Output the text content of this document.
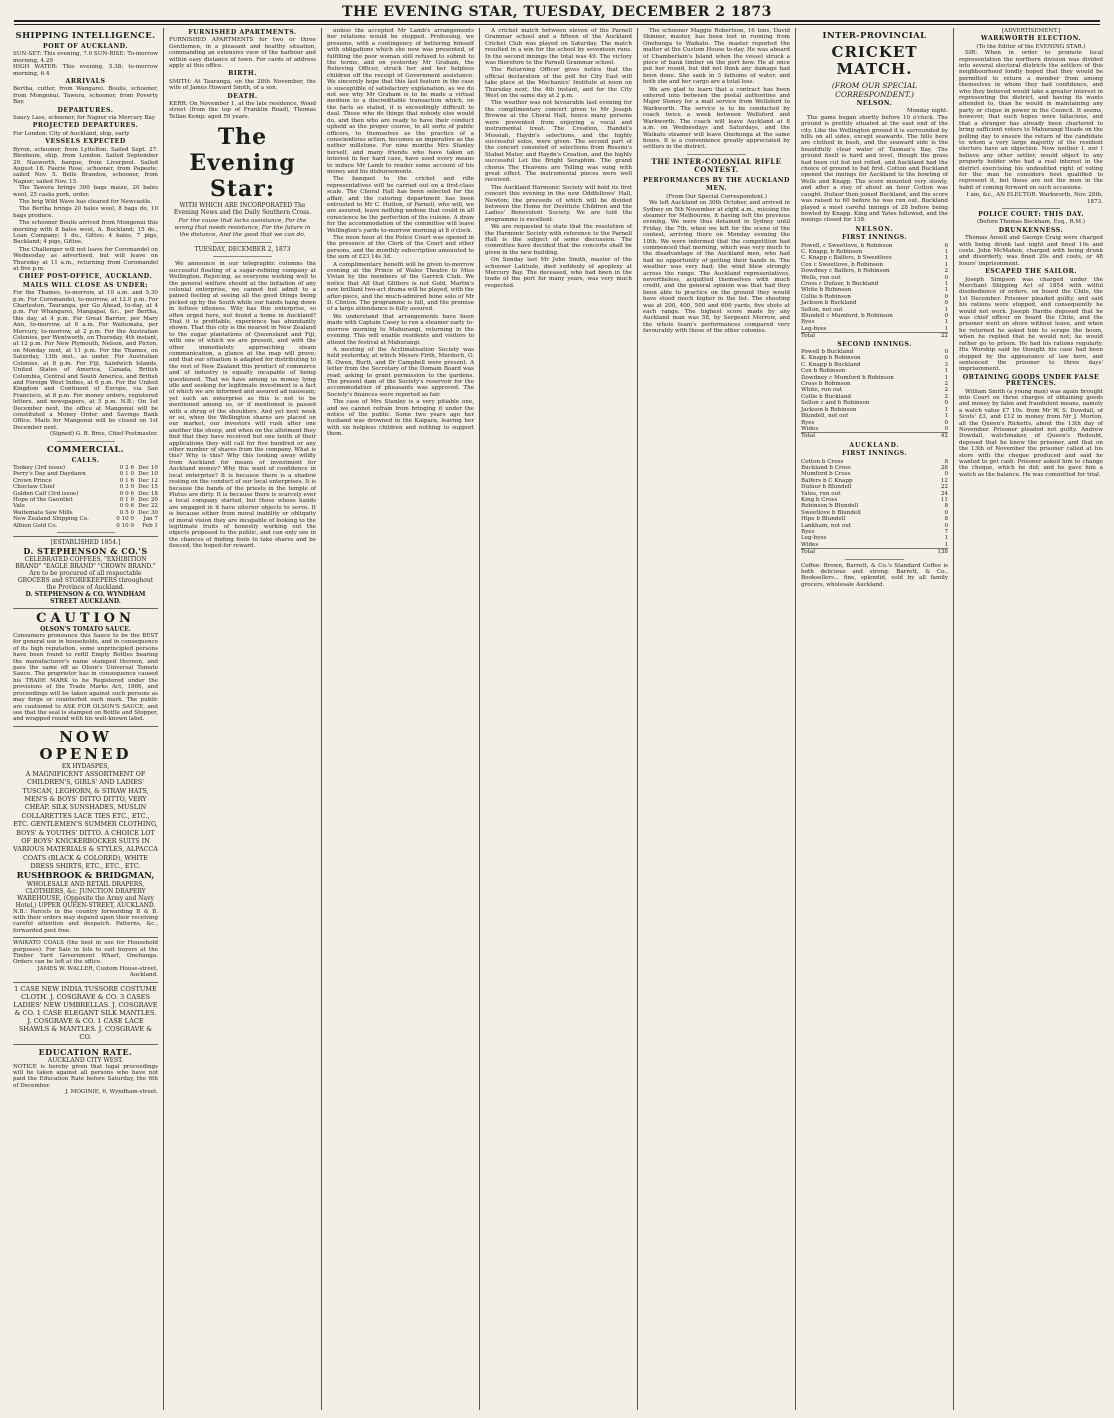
THE EVENING STAR, TUESDAY, DECEMBER 2 1873
SHIPPING INTELLIGENCE.
PORT OF AUCKLAND.
SUN-SET: This evening, 7.0 SUN-RISE: To-morrow morning, 4.29
HIGH WATER: This evening, 5.38; to-morrow morning, 6.4
ARRIVALS
Bertha, cutter, from Wangarei. Boulis, schooner, from Mongonui. Tawera, schooner, from Poverty Bay.
DEPARTURES.
Saucy Lass, schooner, for Napier via Mercury Bay
PROJECTED DEPARTURES.
For London: City of Auckland, ship, early
VESSELS EXPECTED
Byron, schooner, from Lyttelton. Sailed Sept. 27. Blenheim, ship, from London. Sailed September 20. Nasworth, barque, from Liverpool. Sailed August 18. Faerie Rose, schooner, from Papeete; sailed Nov. 5. Belle Brandon, schooner, from Napier; sailed Nov. 15.

The Tawera brings 300 bags maize, 20 bales wool, 25 casks pork, order.

The brig Wild Wave has cleared for Newcastle.

The Bertha brings 20 bales wool, 8 bags do, 10 bags produce.

The schooner Boulis arrived from Mongonui this morning with 8 bales wool, A. Buckland; 15 do., Loan Company; 1 do., Gittos; 4 bales, 7 pigs, Buckland; 4 pigs, Gittos.

The Challenger will not leave for Coromandel on Wednesday as advertised, but will leave on Thursday at 11 a.m., returning from Coromandel at five p.m.

CHIEF POST-OFFICE, AUCKLAND.
MAILS WILL CLOSE AS UNDER:
For the Thames, to-morrow, at 10 a.m. and 5.30 p.m. For Coromandel, to-morrow, at 12.0 p.m. For Charleston, Tauranga, per Go Ahead, to-day, at 4 p.m. For Whangarei, Mangapai, &c., per Bertha, this day, at 4 p.m. For Great Barrier, per Mary Ann, to-morrow, at 6 a.m. For Waitemata, per Mercury, to-morrow, at 2 p.m. For the Australian Colonies, per Wentworth, on Thursday, 4th instant, at 12 p.m. For New Plymouth, Nelson, and Picton, on Monday next, at 11 p.m. For the Thames, on Saturday, 13th inst., as under. For Australian Colonies, at 8 p.m. For Fiji, Sandwich Islands, United States of America, Canada, British Columbia, Central and South America, and British and Foreign West Indies, at 6 p.m. For the United Kingdom and Continent of Europe, via San Francisco, at 8 p.m. For money orders, registered letters, and newspapers, at 5 p.m. N.B.: On 1st December next, the office at Mangonui will be constituted a Money Order and Savings Bank Office. Mails for Mangonui will be closed on 1st December next.
(Signed) G. B. Bree, Chief Postmaster.
COMMERCIAL.
CALLS.
Tookey (3rd issue)	0 2 6	Dec 10
Perry's Day and Daydawn	0 1 0	Dec 10
Crown Prince	0 1 6	Dec 12
Choctaw Chief	0 3 0	Dec 15
Golden Calf (3rd issue)	0 0 6	Dec 18
Hope of the Gauntlet	0 1 0	Dec 20
Vale	0 0 6	Dec 22
Waitemata Saw Mills	0 5 0	Dec 30
New Zealand Shipping Co.	0 10 0	Jan 7
Albion Gold Co.	0 10 0	Feb 1
[ESTABLISHED 1854.]
D. STEPHENSON & CO.'S
CELEBRATED COFFEES, "EXHIBITION BRAND" "EAGLE BRAND" "CROWN BRAND." Are to be procured of all respectable GROCERS and STOREKEEPERS throughout the Province of Auckland.
D. STEPHENSON & CO. WYNDHAM STREET AUCKLAND.
CAUTION
OLSON'S TOMATO SAUCE.
Consumers pronounce this Sauce to be the BEST for general use in households, and in consequence of its high reputation, some unprincipled persons have been found to refill Empty Bottles bearing the manufacturer's name stamped thereon, and pass the same off as Olson's Universal Tomato Sauce. The proprietor has in consequence caused his TRADE MARK to be Registered under the provisions of the Trade Marks Act, 1866, and proceedings will be taken against such persons as may forge or counterfeit such mark. The public are cautioned to ASK FOR OLSON'S SAUCE, and see that the seal is stamped on Bottle and Stopper, and wrapped round with his well-known label.
NOW OPENED
EX HYDASPES,
A MAGNIFICENT ASSORTMENT OF CHILDREN'S, GIRLS' AND LADIES' TUSCAN, LEGHORN, & STRAW HATS, MEN'S & BOYS' DITTO DITTO, VERY CHEAP. SILK SUNSHADES, MUSLIN COLLARETTES LACE TIES ETC., ETC., ETC. GENTLEMEN'S SUMMER CLOTHING, BOYS' & YOUTHS' DITTO. A CHOICE LOT OF BOYS' KNICKERBOCKER SUITS IN VARIOUS MATERIALS & STYLES, ALPACCA COATS (BLACK & COLORED), WHITE DRESS SHIRTS, ETC., ETC., ETC.
RUSHBROOK & BRIDGMAN,
WHOLESALE AND RETAIL DRAPERS, CLOTHIERS, &c. JUNCTION DRAPERY WAREHOUSE, (Opposite the Army and Navy Hotel,) UPPER QUEEN-STREET, AUCKLAND.
N.B.: Parcels in the country forwarding B & B. with their orders may depend upon their receiving careful attention and despatch. Patterns, &c., forwarded post free.
WAIKATO COALS (the best in use for Household purposes). For Sale in lots to suit buyers at the Timber Yard Government Wharf, Onehunga. Orders can be left at the office.
JAMES W. WALLER, Custom House-street, Auckland.
1 CASE NEW INDIA TUSSORE COSTUME CLOTH. J. COSGRAVE & CO. 3 CASES LADIES' NEW UMBRELLAS. J. COSGRAVE & CO. 1 CASE ELEGANT SILK MANTLES. J. COSGRAVE & CO. 1 CASE LACE SHAWLS & MANTLES. J. COSGRAVE & CO.
EDUCATION RATE.
AUCKLAND CITY WEST.
NOTICE is hereby given that legal proceedings will be taken against all persons who have not paid the Education Rate before Saturday, the 6th of December.
J. MOGINIE, 6, Wyndham-street.
FURNISHED APARTMENTS.
FURNISHED APARTMENTS for two or three Gentlemen, in a pleasant and healthy situation, commanding an extensive view of the harbour and within easy distance of town. For cards of address apply at this office.
BIRTH.
SMITH: At Tauranga, on the 28th November, the wife of James Howard Smith, of a son.
DEATH.
KERR: On November 1, at the late residence, Wood street (from the top of Franklin Road), Thomas Tellan Kemp; aged 59 years.
The Evening Star:
WITH WHICH ARE INCORPORATED The Evening News and the Daily Southern Cross.
For the cause that lacks assistance, For the wrong that needs resistance, For the future in the distance, And the good that we can do.
TUESDAY, DECEMBER 2, 1873

We announce in our telegraphic columns the successful floating of a sugar-refining company at Wellington. Rejoicing, as everyone wishing well to the general welfare should at the initiation of any colonial enterprise, we cannot but admit to a pained feeling at seeing all the good things being picked up by the South while our hands hang down in listless idleness. Why has this enterprise, so often urged here, not found a home in Auckland? That it is profitable, experience has abundantly shown. That this city is the nearest in New Zealand to the sugar plantations of Queensland and Fiji, with one of which we are present, and with the other immediately approaching steam communication, a glance at the map will prove; and that our situation is adapted for distributing to the rest of New Zealand this product of commerce and of industry is equally incapable of being questioned. That we have among us money lying idle and seeking for legitimate investment is a fact of which we are informed and assured ad nauseam; yet such an enterprise as this is not to be mentioned among us, or if mentioned is passed with a shrug of the shoulders. And yet next week or so, when the Wellington shares are placed on our market, our investors will rush after one another like sheep, and when on the allotment they find that they have received but one tenth of their applications they will call for five hundred or any other number of shares from the company. What is this? Why is this? Why this looking away wildly from Auckland for means of investment for Auckland money? Why this want of confidence in local enterprise? It is because there is a shadow resting on the conduct of our local enterprises. It is because the hands of the priests in the temple of Plutus are dirty. It is because there is scarcely ever a local company started, but those whose hands are engaged in it have ulterior objects to serve. It is because either from moral inability or obliquity of moral vision they are incapable of looking to the legitimate fruits of honestly working out the objects proposed to the public, and can only see in the chances of finding fools to take shares and be fleeced, the hoped-for reward.

unless the accepted Mr Lamb's arrangements her relations would be stopped. Professing, we presume, with a contingency of bettering himself with obligations which she now was presented, of fulfilling the poor woman still refused to submit to the terms, and on yesterday Mr Graham, the Relieving Officer, struck her and her helpless children off the receipt of Government assistance. We sincerely hope that this last feature in the case is susceptible of satisfactory explanation, as we do not see why Mr Graham is to be made a virtual medium to a discreditable transaction which, on the facts as stated, it is exceedingly difficult to deal. Those who do things that nobody else would do, and then who are ready to have their conduct upheld as the proper course, to all sorts of public officers, to themselves as the practice of a conscientious action, becomes an imperative as the nether millstone. For nine months Mrs Stanley herself, and many friends who have taken an interest in her hard case, have used every means to induce Mr Lamb to render some account of his money and his disbursements.

The banquet to the cricket and rifle representatives will be carried out on a first-class scale. The Choral Hall has been selected for the affair, and the catering department has been entrusted to Mr C. Hutton, of Parnell, who will, we are assured, leave nothing undone that could in all conscience be the perfection of the cuisine. A draw for the accommodation of the committee will leave Wellington's yards to-morrow morning at 8 o'clock.

The noon hour at the Police Court was opened in the presence of the Clerk of the Court and other persons, and the monthly subscription amounted to the sum of £23 14s 3d.

A complimentary benefit will be given to-morrow evening at the Prince of Wales Theatre to Miss Vivian by the members of the Garrick Club. We notice that All that Glitters is not Gold, Martin's new brilliant two-act drama will be played, with the after-piece, and the much-admired bone solo of Mr D. Clinton. The programme is full, and the promise of a large attendance is fully assured.

We understand that arrangements have been made with Captain Casey to run a steamer early to-morrow morning to Mahurangi, returning in the evening. This will enable residents and visitors to attend the festival at Mahurangi.

A meeting of the Acclimatisation Society was held yesterday, at which Messrs Firth, Murdoch, O. B. Owen, Burtt, and Dr Campbell were present. A letter from the Secretary of the Domain Board was read, asking to grant permission to the gardens. The present dam of the Society's reservoir for the accommodation of pheasants was approved. The Society's finances were reported as fair.

The case of Mrs Stanley is a very pitiable one, and we cannot refrain from bringing it under the notice of the public. Some two years ago her husband was drowned in the Kaipara, leaving her with six helpless children and nothing to support them.

A cricket match between eleven of the Parnell Grammar school and a fifteen of the Auckland Cricket Club was played on Saturday. The match resulted in a win for the school by seventeen runs. In the second innings the total was 49. The victory was therefore to the Parnell Grammar school.

The Returning Officer gives notice that the official declaration of the poll for City East will take place at the Mechanics' Institute at noon on Thursday next, the 4th instant, and for the City West on the same day at 2 p.m.

The weather was not favourable last evening for the complimentary concert given to Mr Joseph Browne at the Choral Hall, hence many persons were prevented from enjoying a vocal and instrumental treat. The Creation, Handel's Messiah, Haydn's selections, and the highly successful solos, were given. The second part of the concert consisted of selections from Rossini's Stabat Mater, and Haydn's Creation, and the highly successful Let the Bright Seraphim. The grand chorus The Heavens are Telling was sung with great effect. The instrumental pieces were well received.

The Auckland Harmonic Society will hold its first concert this evening in the new Oddfellows' Hall, Newton; the proceeds of which will be divided between the Home for Destitute Children and the Ladies' Benevolent Society. We are told the programme is excellent.

We are requested to state that the resolution of the Harmonic Society with reference to the Parnell Hall is the subject of some discussion. The committee have decided that the concerts shall be given in the new building.

On Sunday last Mr John Smith, master of the schooner Latitude, died suddenly of apoplexy at Mercury Bay. The deceased, who had been in the trade of the port for many years, was very much respected.

The schooner Maggie Robertson, 16 tons, David Skinner, master, has been lost in running from Onehunga to Waikato. The master reported the matter at the Custom House to-day. He was aboard of Chamberlain's Island when the vessel struck a piece of bank timber on the port bow. He at once put her round, but did not think any damage had been done. She sank in 3 fathoms of water, and both she and her cargo are a total loss.

We are glad to learn that a contract has been entered into between the postal authorities and Major Stoney for a mail service from Wellsford to Warkworth. The service is to be conducted by coach twice a week between Wellsford and Warkworth. The coach will leave Auckland at 8 a.m. on Wednesdays and Saturdays, and the Waikato steamer will leave Onehunga at the same hours. It is a convenience greatly appreciated by settlers in the district.

THE INTER-COLONIAL RIFLE CONTEST.
PERFORMANCES BY THE AUCKLAND MEN.
(From Our Special Correspondent.)

We left Auckland on 30th October, and arrived in Sydney on 5th November at eight a.m., missing the steamer for Melbourne, it having left the previous evening. We were thus detained in Sydney until Friday, the 7th, when we left for the scene of the contest, arriving there on Monday evening the 10th. We were informed that the competition had commenced that morning, which was very much to the disadvantage of the Auckland men, who had had no opportunity of getting their hands in. The weather was very bad; the wind blew strongly across the range. The Auckland representatives, nevertheless, acquitted themselves with much credit, and the general opinion was that had they been able to practice on the ground they would have stood much higher in the list. The shooting was at 200, 400, 500 and 600 yards, five shots at each range. The highest score made by any Auckland man was 58, by Sergeant Morrow, and the whole team's performances compared very favourably with those of the other colonies.

INTER-PROVINCIAL
CRICKET MATCH.
(FROM OUR SPECIAL CORRESPONDENT.)
NELSON.
Monday night.

The game began shortly before 10 o'clock. The ground is prettily situated at the east end of the city. Like the Wellington ground it is surrounded by hills on all sides, except seawards. The hills here are clothed in bush, and the seaward side is the beautifully clear water of Tasman's Bay. The ground itself is hard and level, though the grass had been cut but not rolled, and Auckland had the choice of ground to bat first. Cotton and Buckland opened the innings for Auckland to the bowling of Wells and Knapp. The score mounted very slowly, and after a stay of about an hour Cotton was caught. Dufaur then joined Buckland, and the score was raised to 60 before he was run out. Buckland played a most careful innings of 28 before being bowled by Knapp. King and Yates followed, and the innings closed for 138.

NELSON.
FIRST INNINGS.
Powell, c Sweetlove, b Robinson	6
C. Knapp, b Robinson	1
C. Knapp c Balfers, b Sweetlove	1
Cox c Sweetlove, b Robinson	1
Dowdney c Balfers, b Robinson	2
Wells, run out	0
Cross c Dufaur, b Buckland	1
White b Robinson	1
Collie b Robinson	0
Jackson b Buckland	0
Sellon, not out	1
Blundell c Mumford, b Robinson	0
Byes	1
Leg-byes	1
Total	22
SECOND INNINGS.
Powell b Buckland	0
K. Knapp b Robinson	0
C. Knapp b Buckland	3
Cox b Robinson	1
Dowdney c Mumford b Robinson	1
Cross b Robinson	2
White, run out	2
Collie b Buckland	2
Sellon c and b Robinson	0
Jackson b Robinson	1
Blundell, not out	1
Byes	0
Wides	0
Total	42
AUCKLAND.
FIRST INNINGS.
Cotton b Cross	8
Buckland b Cross	28
Mumford b Cross	0
Balfers b C Knapp	12
Dufaur b Blundell	22
Yates, run out	24
King b Cross	11
Robinson b Blundell	8
Sweetlove b Blundell	0
Hipe b Blundell	8
Lankham, not out	0
Byes	7
Leg-byes	1
Wides	1
Total	138
Coffee: Brown, Barrett, & Co.'s Standard Coffee is both delicious and strong. Barrett, & Co., Booksellers... fine, splendid, sold by all family grocers, wholesale Auckland.
[ADVERTISEMENT.]
WARKWORTH ELECTION.
(To the Editor of the EVENING STAR.)

SIR: When in order to promote local representation the northern division was divided into several electoral districts the settlers of this neighbourhood fondly hoped that they would be permitted to return a member from among themselves in whom they had confidence, and who they believed would take a greater interest in representing the district, and having its wants attended to, than he would in maintaining any party or clique in power in the Council. It seems, however, that such hopes were fallacious, and that a stranger has already been chartered to bring sufficient voters to Mahurangi Heads on the polling day to ensure the return of the candidate to whom a very large majority of the resident electors have an objection. Now neither I, nor I believe any other settler, would object to any property holder who had a real interest in the district exercising his undoubted right of voting for the man he considers best qualified to represent it, but those are not the men in the habit of coming forward on such occasions.

I am, &c., AN ELECTOR. Warkworth, Nov. 28th, 1873.
POLICE COURT: THIS DAY.
(Before Thomas Beckham, Esq., R.M.)
DRUNKENNESS.

Thomas Ansell and George Craig were charged with being drunk last night and fined 10s and costs. John McMahon, charged with being drunk and disorderly, was fined 20s and costs, or 48 hours' imprisonment.

ESCAPED THE SAILOR.

Joseph Simpson was charged under the Merchant Shipping Act of 1854 with wilful disobedience of orders, on board the Chile, the 1st December. Prisoner pleaded guilty, and said his rations were stopped, and consequently he would not work. Joseph Hardie deposed that he was chief officer on board the Chile, and the prisoner went on shore without leave, and when he returned he asked him to scrape the boom, when he replied that he would not; he would rather go to prison. He had his rations regularly. His Worship said he thought his case had been stopped by the appearance of law here, and sentenced the prisoner to three days' imprisonment.

OBTAINING GOODS UNDER FALSE PRETENCES.

William Smith (a young man) was again brought into Court on three charges of obtaining goods and money by false and fraudulent means, namely a watch value £7 10s. from Mr W. S. Dowdall, of Scots' £3, and £12 in money from Mr J. Morton, all the Queen's Ricketts, about the 13th day of November. Prisoner pleaded not guilty. Andrew Dowdall, watchmaker, of Queen's Redoubt, deposed that he knew the prisoner, and that on the 13th of November the prisoner called at his store with the cheque produced and said he wanted to get cash. Prisoner asked him to change the cheque, which he did; and he gave him a watch as the balance. He was committed for trial.
